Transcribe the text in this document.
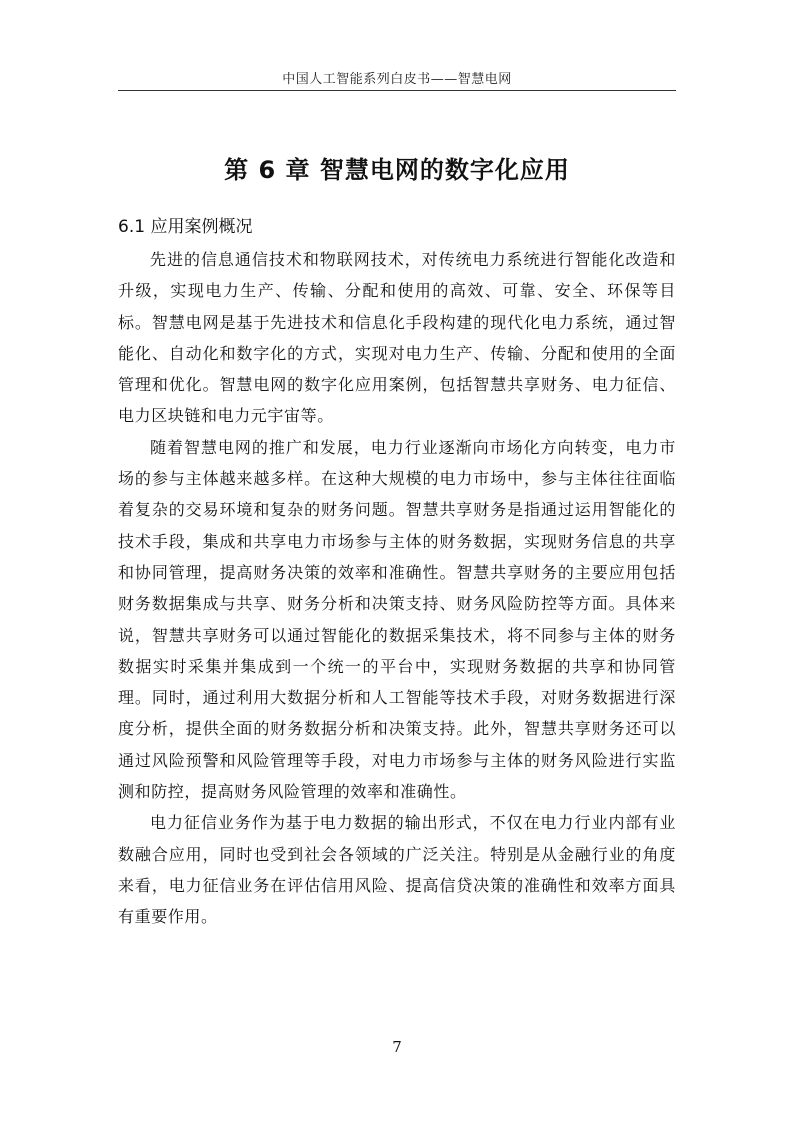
中国人工智能系列白皮书——智慧电网
第 6 章 智慧电网的数字化应用
6.1 应用案例概况

先进的信息通信技术和物联网技术，对传统电力系统进行智能化改造和升级，实现电力生产、传输、分配和使用的高效、可靠、安全、环保等目标。智慧电网是基于先进技术和信息化手段构建的现代化电力系统，通过智能化、自动化和数字化的方式，实现对电力生产、传输、分配和使用的全面管理和优化。智慧电网的数字化应用案例，包括智慧共享财务、电力征信、电力区块链和电力元宇宙等。

随着智慧电网的推广和发展，电力行业逐渐向市场化方向转变，电力市场的参与主体越来越多样。在这种大规模的电力市场中，参与主体往往面临着复杂的交易环境和复杂的财务问题。智慧共享财务是指通过运用智能化的技术手段，集成和共享电力市场参与主体的财务数据，实现财务信息的共享和协同管理，提高财务决策的效率和准确性。智慧共享财务的主要应用包括财务数据集成与共享、财务分析和决策支持、财务风险防控等方面。具体来说，智慧共享财务可以通过智能化的数据采集技术，将不同参与主体的财务数据实时采集并集成到一个统一的平台中，实现财务数据的共享和协同管理。同时，通过利用大数据分析和人工智能等技术手段，对财务数据进行深度分析，提供全面的财务数据分析和决策支持。此外，智慧共享财务还可以通过风险预警和风险管理等手段，对电力市场参与主体的财务风险进行实监测和防控，提高财务风险管理的效率和准确性。

电力征信业务作为基于电力数据的输出形式，不仅在电力行业内部有业数融合应用，同时也受到社会各领域的广泛关注。特别是从金融行业的角度来看，电力征信业务在评估信用风险、提高信贷决策的准确性和效率方面具有重要作用。

7
